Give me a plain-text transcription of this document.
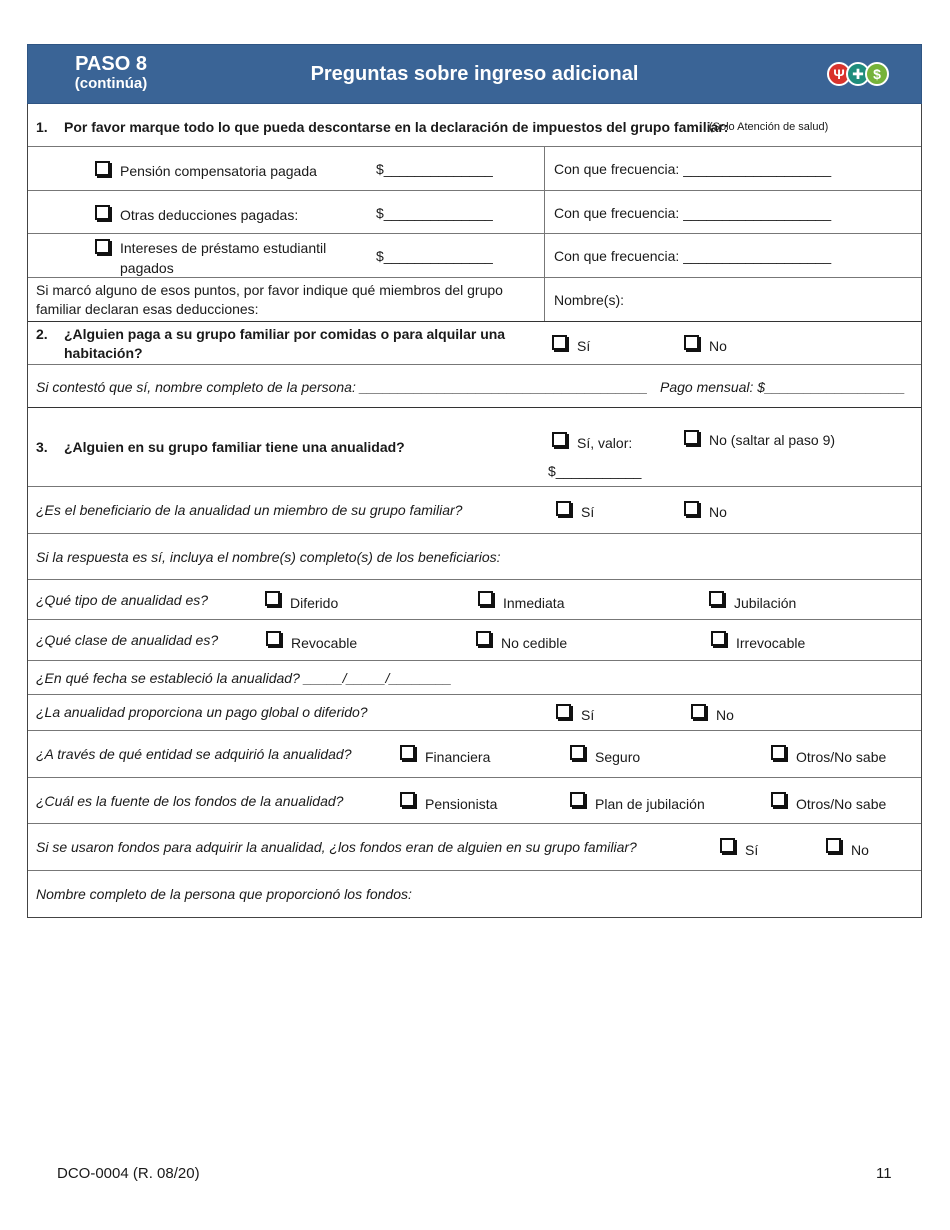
PASO 8
(continúa)	Preguntas sobre ingreso adicional	Ψ ✚ $
1. Por favor marque todo lo que pueda descontarse en la declaración de impuestos del grupo familiar:
(Solo Atención de salud)
Pensión compensatoria pagada	$______________	Con que frecuencia: ___________________
Otras deducciones pagadas:	$______________	Con que frecuencia: ___________________
Intereses de préstamo estudiantil
pagados
$______________	Con que frecuencia: ___________________
Si marcó alguno de esos puntos, por favor indique qué miembros del grupo
familiar declaran esas deducciones:
Nombre(s):
2. ¿Alguien paga a su grupo familiar por comidas o para alquilar una
habitación?	Sí	No
Si contestó que sí, nombre completo de la persona: _____________________________________ Pago mensual: $__________________
3. ¿Alguien en su grupo familiar tiene una anualidad?	Sí, valor:
$___________
No (saltar al paso 9)
¿Es el beneficiario de la anualidad un miembro de su grupo familiar?	Sí	No
Si la respuesta es sí, incluya el nombre(s) completo(s) de los beneficiarios:
¿Qué tipo de anualidad es?	Diferido	Inmediata	Jubilación
¿Qué clase de anualidad es?	Revocable	No cedible	Irrevocable
¿En qué fecha se estableció la anualidad? _____/_____/________
¿La anualidad proporciona un pago global o diferido?	Sí	No
¿A través de qué entidad se adquirió la anualidad?	Financiera	Seguro	Otros/No sabe
¿Cuál es la fuente de los fondos de la anualidad?	Pensionista	Plan de jubilación	Otros/No sabe
Si se usaron fondos para adquirir la anualidad, ¿los fondos eran de alguien en su grupo familiar?	Sí	No
Nombre completo de la persona que proporcionó los fondos:
DCO-0004 (R. 08/20)	11
